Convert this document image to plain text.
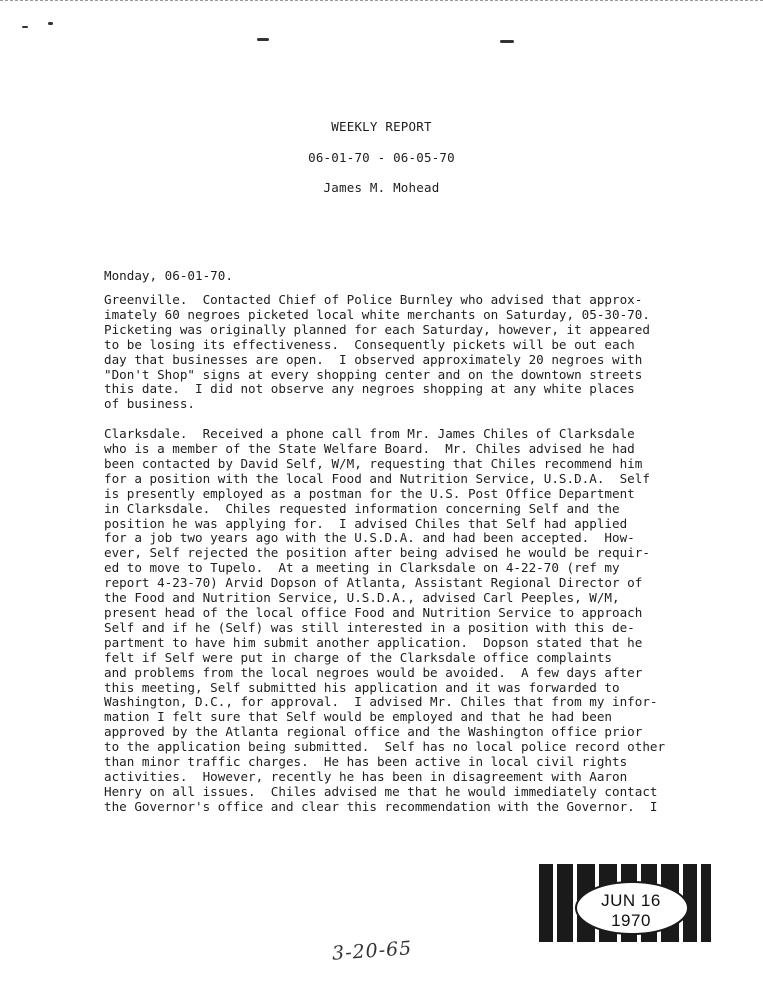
WEEKLY REPORT
06-01-70 - 06-05-70
James M. Mohead
Monday, 06-01-70.
Greenville.  Contacted Chief of Police Burnley who advised that approx-
imately 60 negroes picketed local white merchants on Saturday, 05-30-70.
Picketing was originally planned for each Saturday, however, it appeared
to be losing its effectiveness.  Consequently pickets will be out each
day that businesses are open.  I observed approximately 20 negroes with
"Don't Shop" signs at every shopping center and on the downtown streets
this date.  I did not observe any negroes shopping at any white places
of business.
Clarksdale.  Received a phone call from Mr. James Chiles of Clarksdale
who is a member of the State Welfare Board.  Mr. Chiles advised he had
been contacted by David Self, W/M, requesting that Chiles recommend him
for a position with the local Food and Nutrition Service, U.S.D.A.  Self
is presently employed as a postman for the U.S. Post Office Department
in Clarksdale.  Chiles requested information concerning Self and the
position he was applying for.  I advised Chiles that Self had applied
for a job two years ago with the U.S.D.A. and had been accepted.  How-
ever, Self rejected the position after being advised he would be requir-
ed to move to Tupelo.  At a meeting in Clarksdale on 4-22-70 (ref my
report 4-23-70) Arvid Dopson of Atlanta, Assistant Regional Director of
the Food and Nutrition Service, U.S.D.A., advised Carl Peeples, W/M,
present head of the local office Food and Nutrition Service to approach
Self and if he (Self) was still interested in a position with this de-
partment to have him submit another application.  Dopson stated that he
felt if Self were put in charge of the Clarksdale office complaints
and problems from the local negroes would be avoided.  A few days after
this meeting, Self submitted his application and it was forwarded to
Washington, D.C., for approval.  I advised Mr. Chiles that from my infor-
mation I felt sure that Self would be employed and that he had been
approved by the Atlanta regional office and the Washington office prior
to the application being submitted.  Self has no local police record other
than minor traffic charges.  He has been active in local civil rights
activities.  However, recently he has been in disagreement with Aaron
Henry on all issues.  Chiles advised me that he would immediately contact
the Governor's office and clear this recommendation with the Governor.  I
JUN 16 1970
3-20-65
